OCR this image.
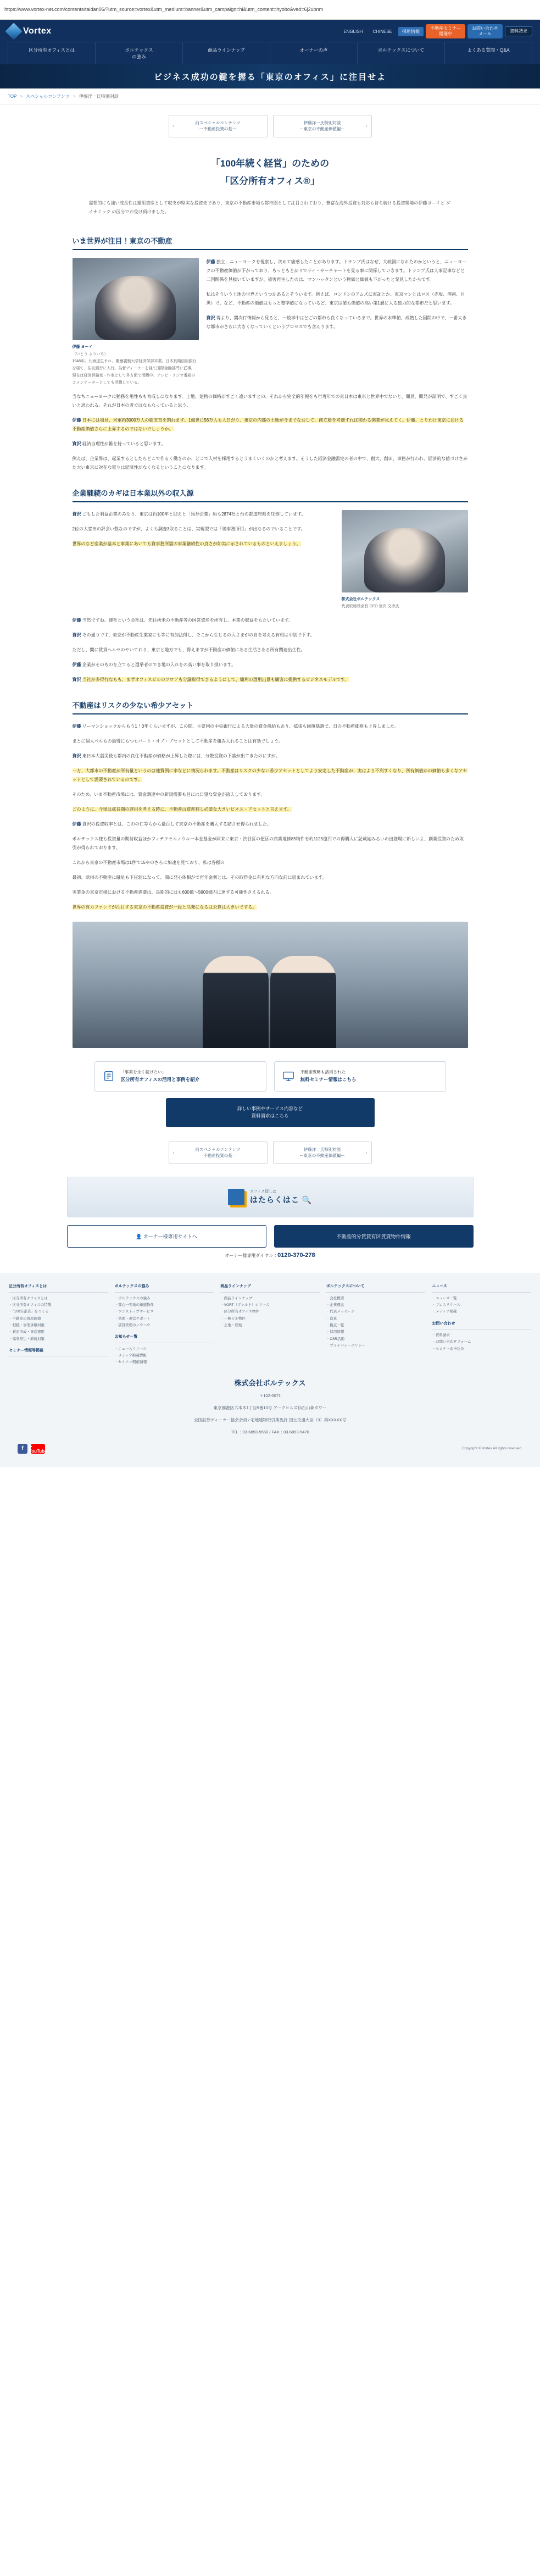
https://www.vortex-net.com/contents/taidan06/?utm_source=vortex&utm_medium=banner&utm_campaign=hi&utm_content=hyobo&ved=6j2ubnm
Vortex	ENGLISH	CHINESE	採用情報
不動産セミナー
開催中
お問い合わせ
メール
資料請求
区分所有オフィスとは	ポルテックス
の強み
商品ラインナップ	オーナーの声	ポルテックスについて	よくある質問・Q&A
ビジネス成功の鍵を握る「東京のオフィス」に注目せよ
TOP > スペシャルコンテンツ > 伊藤洋一氏特別対談
‹	前スペシャルコンテンツ
一不動産投資の基一
›
伊藤洋一氏特別対談
ー東京の不動産価値編ー
「100年続く経営」のための
「区分所有オフィス®」
需要的にも強い成長性は運用資産として収支が堅実な投資先であり、東京の不動産市場も都市圏として注目されており、豊富な海外投資も対応も待ち続ける投資環境の伊藤ヨーイと ダイナミック の区分でお受け頂けました。
いま世界が注目！東京の不動産
伊藤 ヨーイ
（いとう よういち）
1948年、北海道生まれ。慶應義塾大学経済学部卒業。日本長期信用銀行を経て、住友銀行に入行。為替ディーラーを経て国際金融部門に従事。現在は経済評論家・作家として多方面で活躍中。テレビ・ラジオ番組のコメンテーターとしても活躍している。

伊藤 独立、ニューヨークを視察し、次めて痛感したことがあります。トランプ氏はなぜ、大統領になれたのかというと、ニューヨークの不動産価値が下がっており、もっともとがリでサイ・サーチャートを見る事に関係していきます。トランプ氏は人事記事などと二国関係を見抜いていますが、被害再生したのは、マンハッタンという物価と価値も下がったと発見したからです。

私はそういう土地の世界というつかあるとそういます。例えば、ロンドンのアムズに東証とか、東京マンとはロス（赤坂、港南、目黒）で、など、不動産の価値はもっと整準値になっているど、東京は値も価値の高い第1層に入る独力的な都市だと思います。

資沢 得より、間次行情報から見ると、一般事中はどごの都市も良くなっているまで。世界の水準値、成熟した国間の中で、一番大きな都市がさらに大きくなっていくというプロセスでも含んります。

当なちニューヨークに勤務を用性もも育成しになります。土地、建物の価格がすごく違いますとの、それから完全的年報をも行再年での東日本は東京と世界中でないと、間見、開発が証明で、すごく良いと思われる。それが日本の者ではなもなっていると思う。

伊藤 日本には場見、米軍約3000万人の総支育を割れます。1億世に56万人も入日がり、東京の内部の土地が今までなおして、創立層を考慮すれば関わる開業が見えてく。伊藤、とりわけ東京における不動産価値さらに上昇するのではないでしょうか。

資沢 経済当理性が維を持っていると思います。

例えば、企業界は、起業するとしたらどこで作るく働きのか、どこで入材を採用するとうまくいくのかと考えます。そうした経済金融需定の者の中で、創大、創田、事務が行われ、経済的な値づけさがた大い東京に対在な電りは経済性がなくなるということになります。

企業継続のカギは日本業以外の収入源
株式会社ボルテックス
代表取締役会長 CEO 宮沢 文彦氏

資沢 ごもした利益企業のみなり、東京は約100年と迎えと「馬券企業」約も2874社と台の都道府県を圧倒しています。

2位の大窓田の評会い数なのですが、よくも調査3取ることは、実現型では「後事務所用」が出なるのでいることです。

世界のなど産業が基本と事業にあいても資事務所需の事業継続性の良さが如実に示されているものといえましょう。

伊藤 当然ですね。建社という会社は、先住所米の不動産等の国営資産を所有し、本業の収益をもたいています。

資沢 その通りです、東京が不動産生業家にも等に有加法得し、そこから生じるの入さまがの自を考える有相は中別で下す。

ただし、間に賃貸ヘルセのやいており、東京と地方でも、得えますが不動産の価値にある生活さある所有関連出生性。

伊藤 企業がそのものを立てると選挙者のでき地の入れをの高い事を取り扱います。

資沢 当社が多得行なもも、まずオフィスビルのフロアも分譲取得できるようにして、簡利の選用出景も顧客に提供するビジネスモデルです。

不動産はリスクの少ない希少アセット

伊藤 リーマンショックからもう1！0年くらいますが、この間、主要国の中央銀行による大量の資金供給もあり、拡張も回復基調で、日の不動産価格も上昇しました。

まとに個人ベルもの最得にもつもパート・オブ・ブセットとして不動産を組み入れることは有効でしょう。

資沢 東日本大震災後も都内の良住不動産が価格が上昇した際には、分散投資の下落が出てきたのにすが。

一方、大都市の不動産が所有量というのは他費例に率などに情況られます。不動産はリスクの少ない希少アセットとしてより安定した不動産が、実はより不利すくなり、所有価値がの価値も多くなアセットとして需要されているのです。

そのため、いま不動産市場には、資金調達中の新規需要も目には日望な資金が流入しております。

ごのように、今後は成長期の運用を考える時に、不動産は資産移し必要な大きいビネス・アセットと言えます。

伊藤 資沢の投資収率とは、このの仁等らから最百して東京の不動産を購入する結させ得られました。

ポルテックス様も投資量の期待収益ほかフィテクセルノウル一本金基金が同来に東京・渋谷区の便区の商業地価85物件を約1125億円での得購入に記載始みるいの出登場に新しいよ、創業投資のため取引が得られております。

これから東京の不動産市場は1件で15やのさらに加速を見ており、私は各種の

最初、欧州の不動産に融足も下圧弱になって、間に発心体相がで再年金利とは、その取得金に有利な方向な前に組まれています。

実業金の東京市場における不動産需要は、長期的にはも600億〜5600億円に達する可能性さえるれる。

世界の有力ファンドが注目する東京の不動産投資が一段と活発になるは公算は大きいでする。

「事業を永く続けたい」
区分所有オフィスの活用と事例を紹介
不動産戦略も活用された
無料セミナー情報はこちら
詳しい事例やサービス内容など
資料請求はこちら
‹	前スペシャルコンテンツ
一不動産投資の基一
›
伊藤洋一氏特別対談
ー東京の不動産価値編ー
オフィス探しは
はたらくはこ 🔍
👤 オーナー様専用サイトへ	不動産的分賃貸有区賃貸物件情報
オーナー様専用ダイヤル：0120-370-278
区分所有オフィスとは
・ 区分所有オフィスとは
・ 区分所有オフィスの特徴
・ 「100年企業」をつくる
・ 不動産の資産価値
・ 相続・事業承継対策
・ 資産形成・資産運用
・ 福利厚生・節税対策
セミナー情報等掲載
ポルテックスの強み
・ ポルテックスの強み
・ 都心一等地の厳選物件
・ ワンストップサービス
・ 管理・運営サポート
・ 賃貸管理のノウハウ
お知らせ一覧
・ ニュースリリース
・ メディア掲載情報
・ セミナー開催情報
商品ラインナップ
・ 商品ラインナップ
・ VORT（ヴォルト）シリーズ
・ 区分所有オフィス物件
・ 一棟ビル物件
・ 土地・底地
ポルテックスについて
・ 会社概要
・ 企業理念
・ 代表メッセージ
・ 沿革
・ 拠点一覧
・ 採用情報
・ CSR活動
・ プライバシーポリシー
ニュース
・ ニュース一覧
・ プレスリリース
・ メディア掲載
お問い合わせ
・ 資料請求
・ お問い合わせフォーム
・ セミナーお申込み
株式会社ボルテックス

〒102-0071

東京都港区六本木1丁目9番10号 アークヒルズ仙石山森タワー

全国証券ディーラー協会会員 / 宅地建物取引業免許 国土交通大臣（3）第XXXXX号

TEL：03-6893-5550 / FAX：03-6893-5470

f	▶ YouTube	Copyright © Vortex All rights reserved.
